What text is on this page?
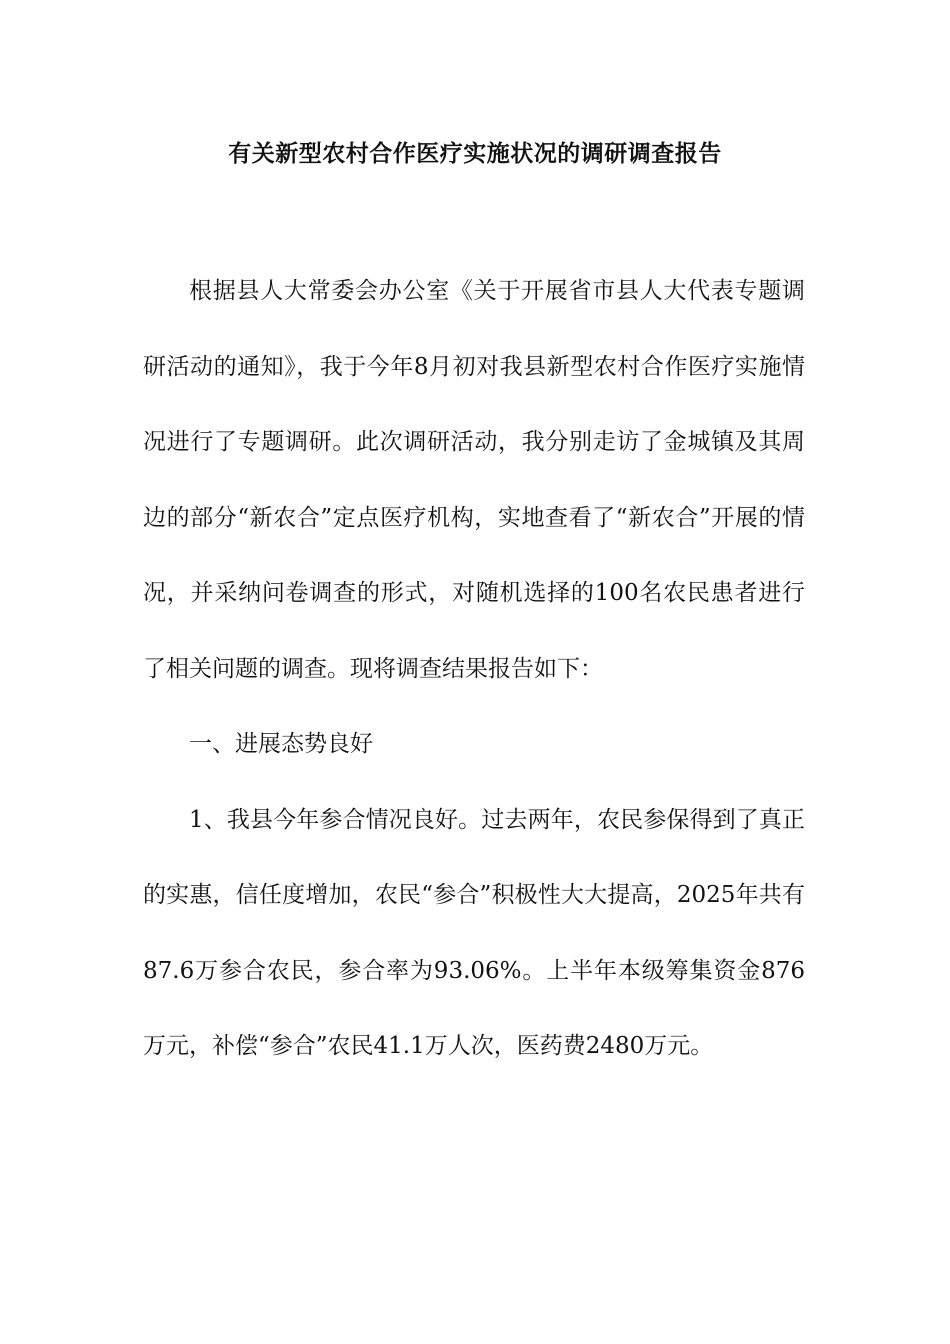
有关新型农村合作医疗实施状况的调研调查报告

根据县人大常委会办公室《关于开展省市县人大代表专题调研活动的通知》，我于今年8月初对我县新型农村合作医疗实施情况进行了专题调研。此次调研活动，我分别走访了金城镇及其周边的部分“新农合”定点医疗机构，实地查看了“新农合”开展的情况，并采纳问卷调查的形式，对随机选择的100名农民患者进行了相关问题的调查。现将调查结果报告如下：

一、进展态势良好

1、我县今年参合情况良好。过去两年，农民参保得到了真正的实惠，信任度增加，农民“参合”积极性大大提高，2025年共有87.6万参合农民，参合率为93.06%。上半年本级筹集资金876万元，补偿“参合”农民41.1万人次，医药费2480万元。
